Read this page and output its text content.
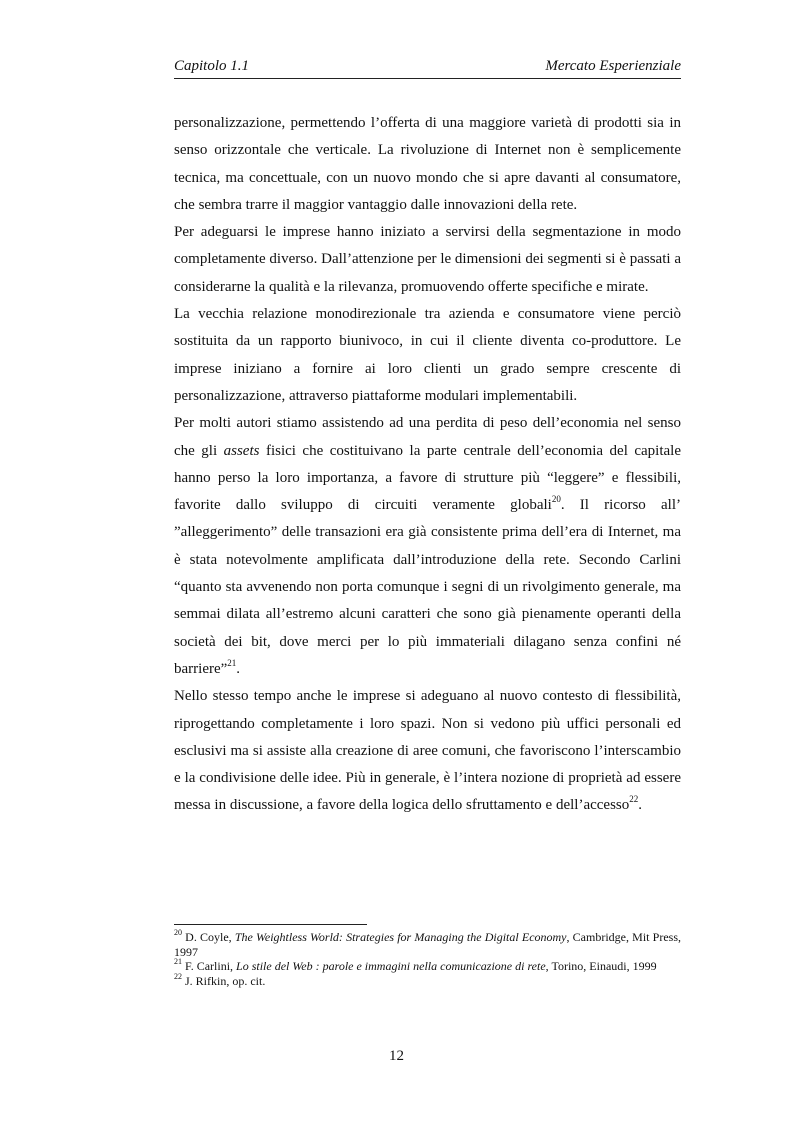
Capitolo 1.1	Mercato Esperienziale

personalizzazione, permettendo l’offerta di una maggiore varietà di prodotti sia in senso orizzontale che verticale. La rivoluzione di Internet non è semplicemente tecnica, ma concettuale, con un nuovo mondo che si apre davanti al consumatore, che sembra trarre il maggior vantaggio dalle innovazioni della rete.

Per adeguarsi le imprese hanno iniziato a servirsi della segmentazione in modo completamente diverso. Dall’attenzione per le dimensioni dei segmenti si è passati a considerarne la qualità e la rilevanza, promuovendo offerte specifiche e mirate.

La vecchia relazione monodirezionale tra azienda e consumatore viene perciò sostituita da un rapporto biunivoco, in cui il cliente diventa co-produttore. Le imprese iniziano a fornire ai loro clienti un grado sempre crescente di personalizzazione, attraverso piattaforme modulari implementabili.

Per molti autori stiamo assistendo ad una perdita di peso dell’economia nel senso che gli assets fisici che costituivano la parte centrale dell’economia del capitale hanno perso la loro importanza, a favore di strutture più “leggere” e flessibili, favorite dallo sviluppo di circuiti veramente globali$^{20}$. Il ricorso all’ ”alleggerimento” delle transazioni era già consistente prima dell’era di Internet, ma è stata notevolmente amplificata dall’introduzione della rete. Secondo Carlini “quanto sta avvenendo non porta comunque i segni di un rivolgimento generale, ma semmai dilata all’estremo alcuni caratteri che sono già pienamente operanti della società dei bit, dove merci per lo più immateriali dilagano senza confini né barriere”$^{21}$.

Nello stesso tempo anche le imprese si adeguano al nuovo contesto di flessibilità, riprogettando completamente i loro spazi. Non si vedono più uffici personali ed esclusivi ma si assiste alla creazione di aree comuni, che favoriscono l’interscambio e la condivisione delle idee. Più in generale, è l’intera nozione di proprietà ad essere messa in discussione, a favore della logica dello sfruttamento e dell’accesso$^{22}$.

$^{20}$ D. Coyle, The Weightless World: Strategies for Managing the Digital Economy, Cambridge, Mit Press, 1997

$^{21}$ F. Carlini, Lo stile del Web : parole e immagini nella comunicazione di rete, Torino, Einaudi, 1999

$^{22}$ J. Rifkin, op. cit.

12
